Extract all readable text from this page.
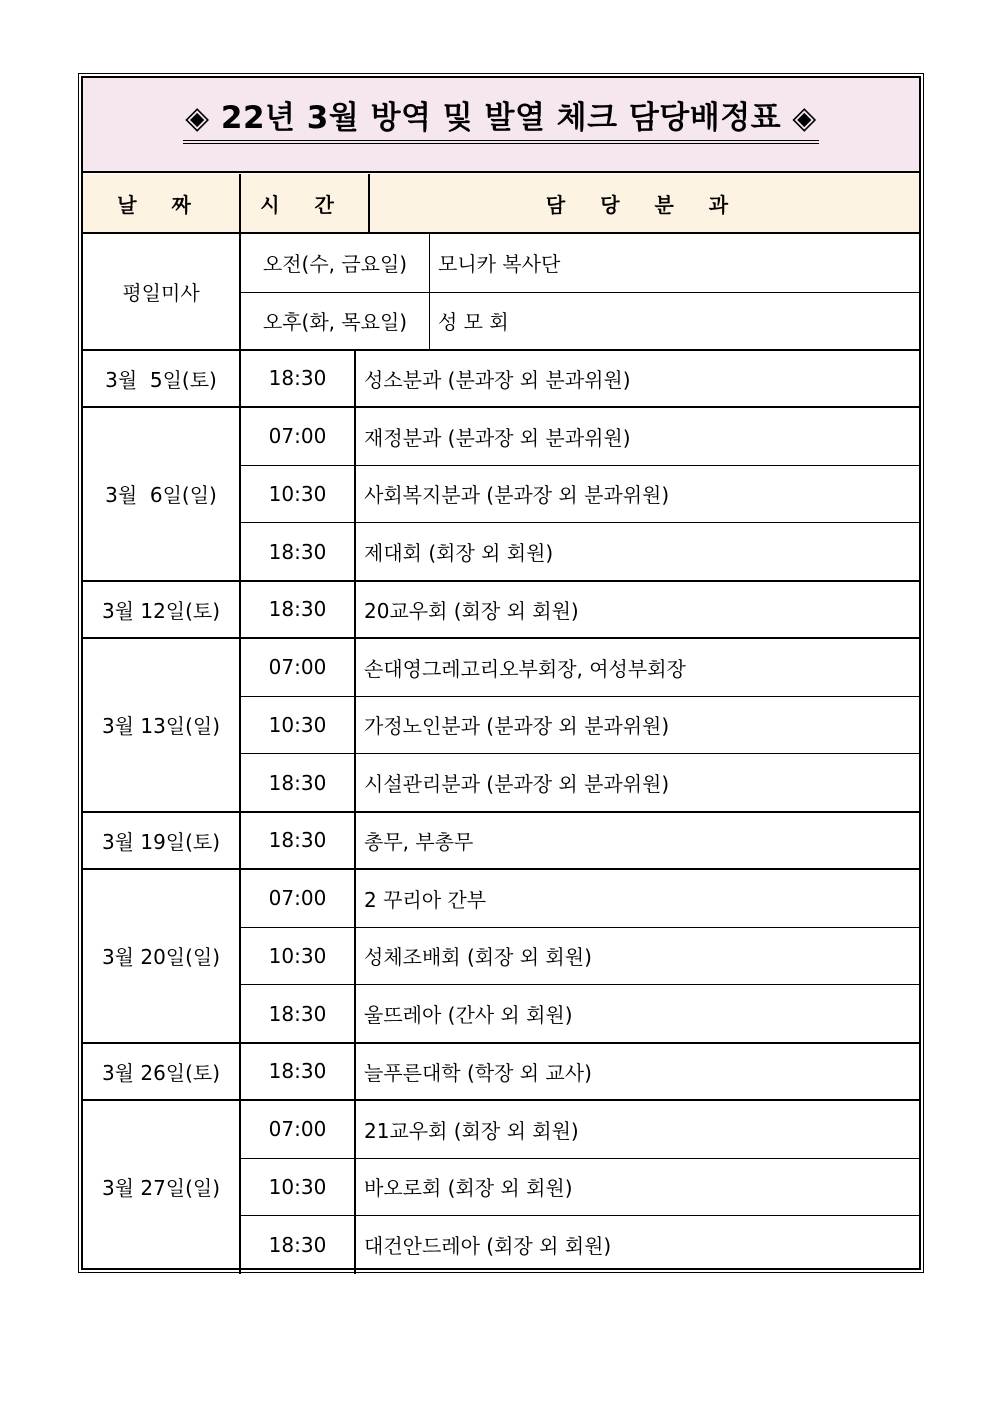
◈ 22년 3월 방역 및 발열 체크 담당배정표 ◈
날 짜	시 간	담 당 분 과
평일미사
오전(수, 금요일)	모니카 복사단
오후(화, 목요일)	성 모 회
3월  5일(토)	18:30	성소분과 (분과장 외 분과위원)
3월  6일(일)
07:00	재정분과 (분과장 외 분과위원)
10:30	사회복지분과 (분과장 외 분과위원)
18:30	제대회 (회장 외 회원)
3월 12일(토)	18:30	20교우회 (회장 외 회원)
3월 13일(일)
07:00	손대영그레고리오부회장, 여성부회장
10:30	가정노인분과 (분과장 외 분과위원)
18:30	시설관리분과 (분과장 외 분과위원)
3월 19일(토)	18:30	총무, 부총무
3월 20일(일)
07:00	2 꾸리아 간부
10:30	성체조배회 (회장 외 회원)
18:30	울뜨레아 (간사 외 회원)
3월 26일(토)	18:30	늘푸른대학 (학장 외 교사)
3월 27일(일)
07:00	21교우회 (회장 외 회원)
10:30	바오로회 (회장 외 회원)
18:30	대건안드레아 (회장 외 회원)
